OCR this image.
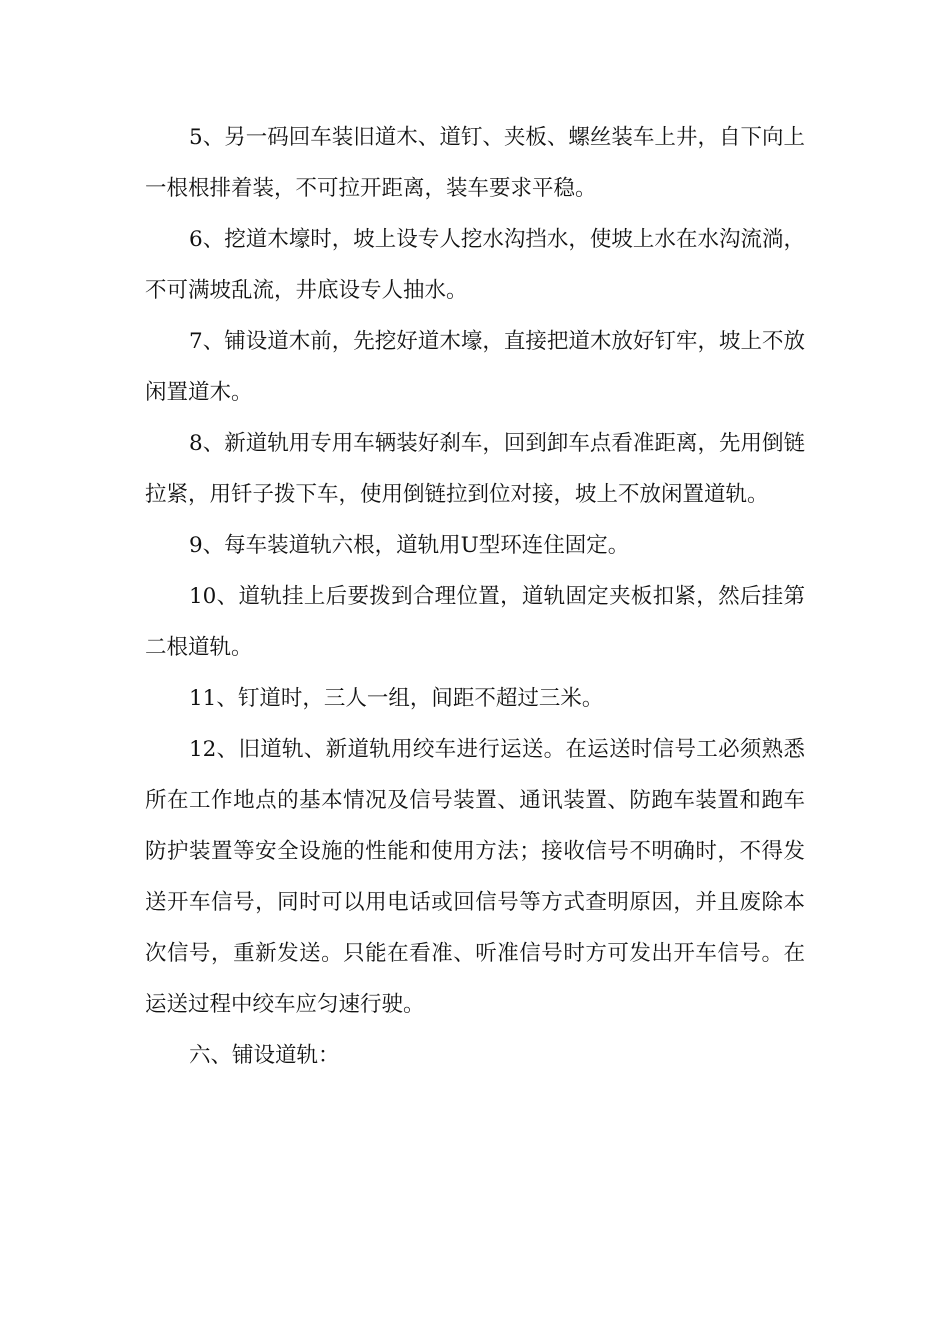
5、另一码回车装旧道木、道钉、夹板、螺丝装车上井，自下向上一根根排着装，不可拉开距离，装车要求平稳。

6、挖道木壕时，坡上设专人挖水沟挡水，使坡上水在水沟流淌，不可满坡乱流，井底设专人抽水。

7、铺设道木前，先挖好道木壕，直接把道木放好钉牢，坡上不放闲置道木。

8、新道轨用专用车辆装好刹车，回到卸车点看准距离，先用倒链拉紧，用钎子拨下车，使用倒链拉到位对接，坡上不放闲置道轨。

9、每车装道轨六根，道轨用U型环连住固定。

10、道轨挂上后要拨到合理位置，道轨固定夹板扣紧，然后挂第二根道轨。

11、钉道时，三人一组，间距不超过三米。

12、旧道轨、新道轨用绞车进行运送。在运送时信号工必须熟悉所在工作地点的基本情况及信号装置、通讯装置、防跑车装置和跑车防护装置等安全设施的性能和使用方法；接收信号不明确时，不得发送开车信号，同时可以用电话或回信号等方式查明原因，并且废除本次信号，重新发送。只能在看准、听准信号时方可发出开车信号。在运送过程中绞车应匀速行驶。

六、铺设道轨：
